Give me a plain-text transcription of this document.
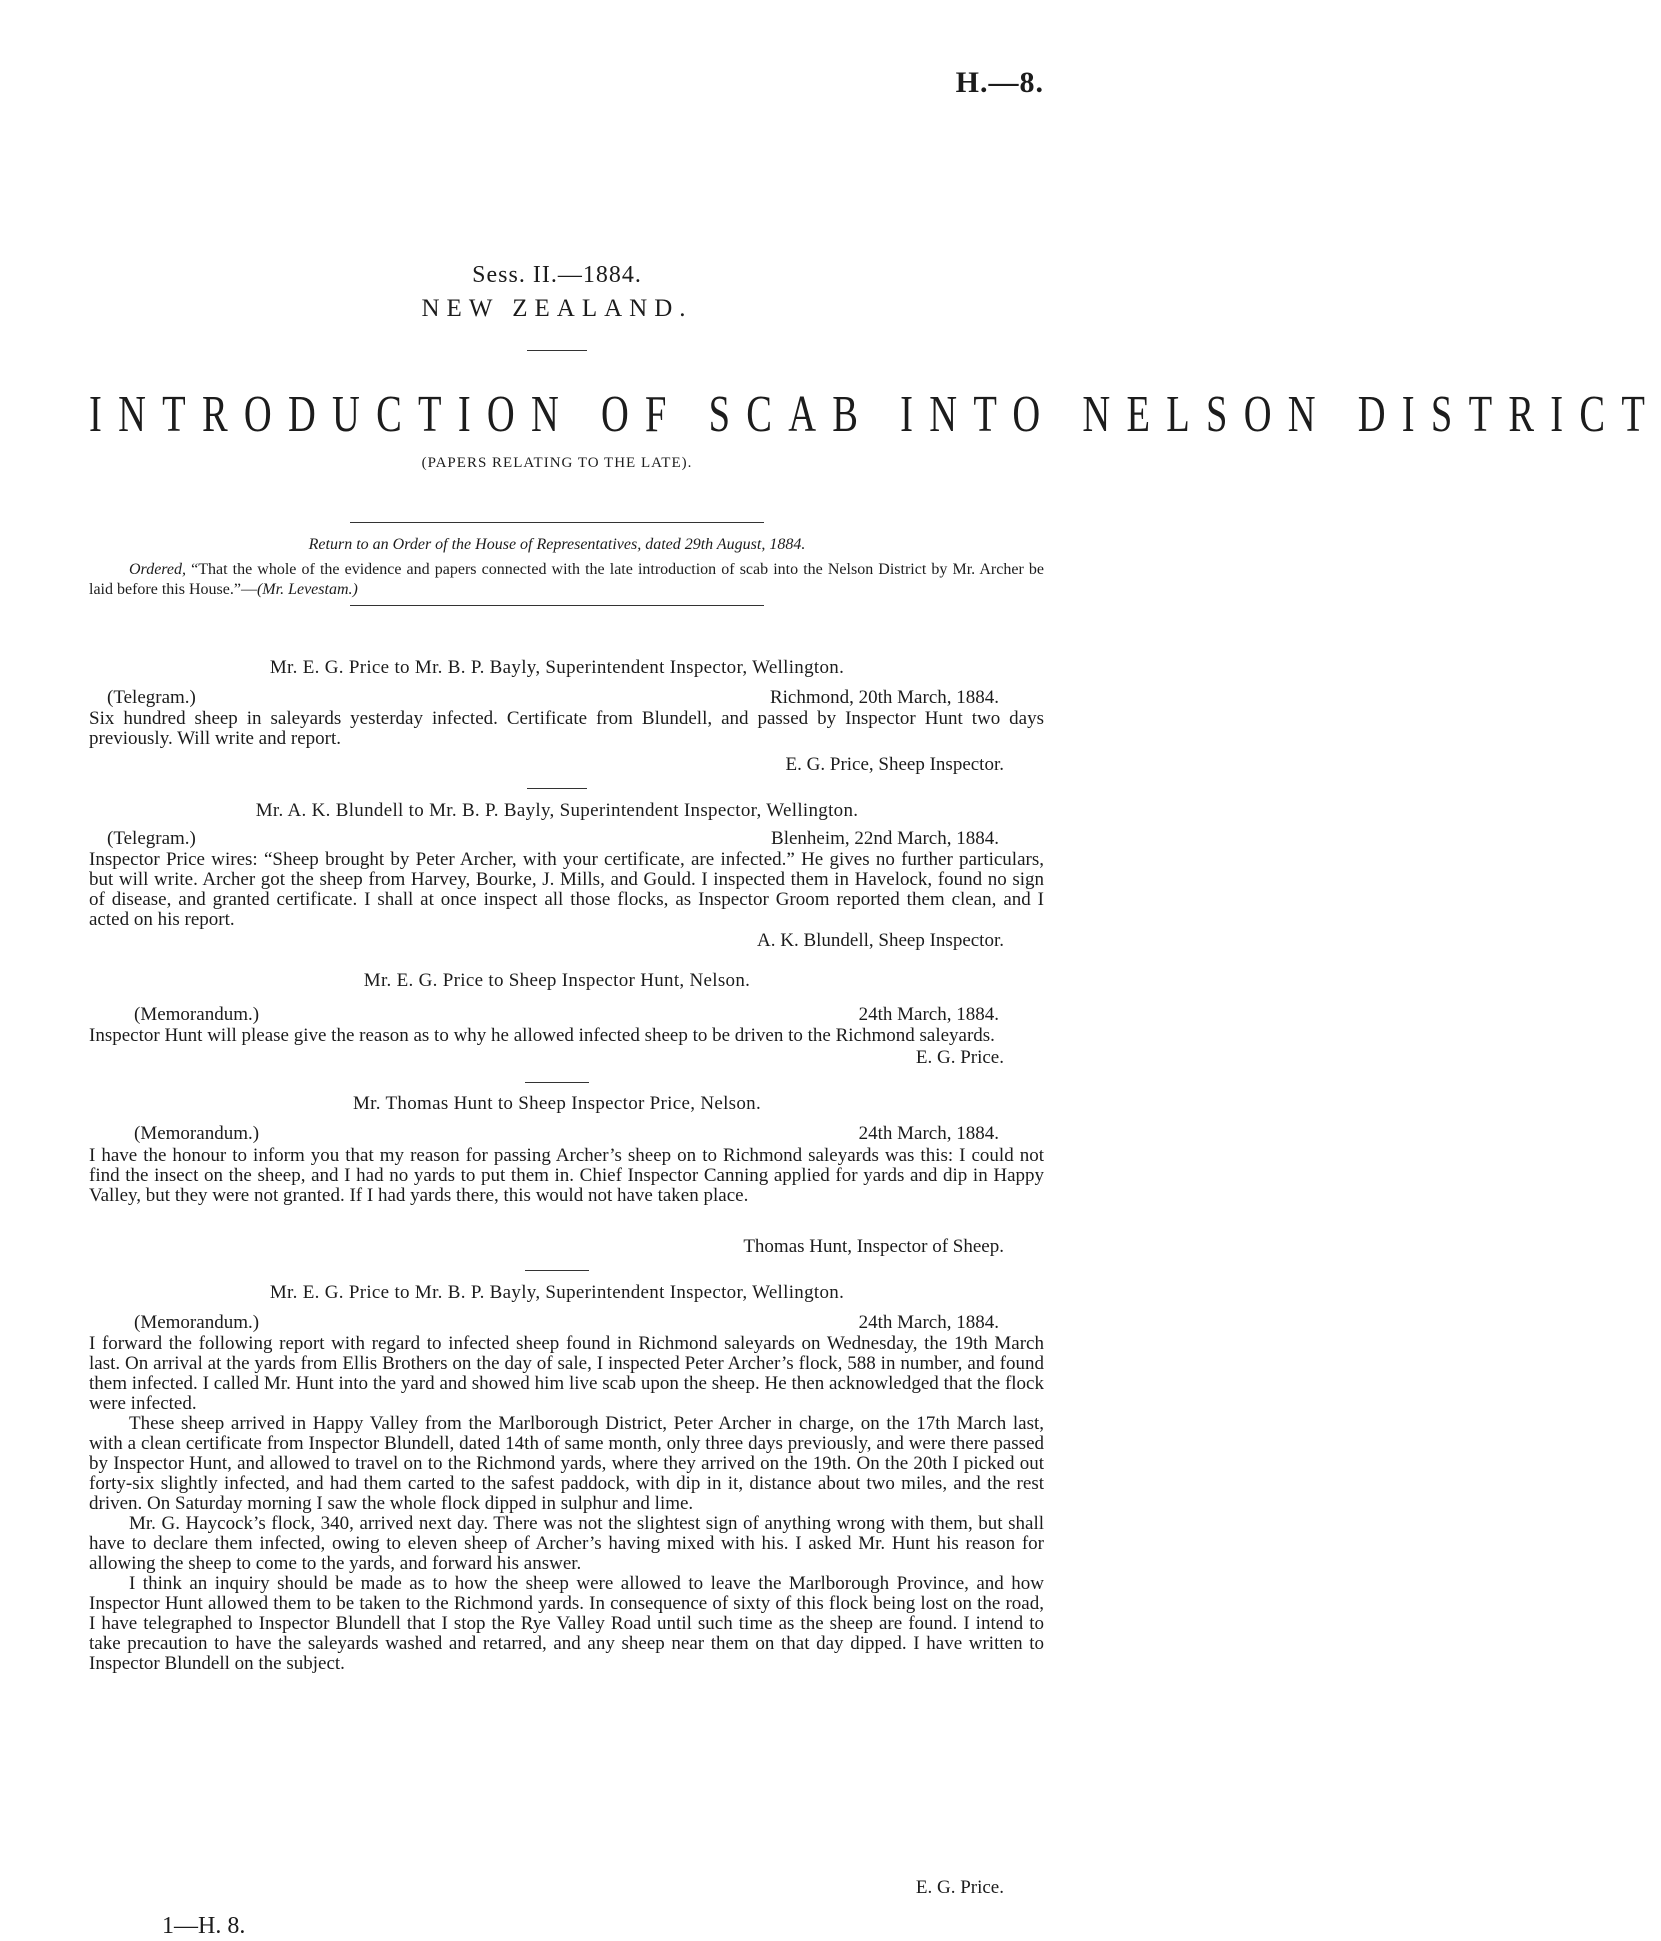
H.—8.
Sess. II.—1884.
NEW ZEALAND.
INTRODUCTION OF SCAB INTO NELSON DISTRICT
(PAPERS RELATING TO THE LATE).
Return to an Order of the House of Representatives, dated 29th August, 1884.
Ordered, “That the whole of the evidence and papers connected with the late introduction of scab into the Nelson District by Mr. Archer be laid before this House.”—(Mr. Levestam.)
Mr. E. G. Price to Mr. B. P. Bayly, Superintendent Inspector, Wellington.
(Telegram.)	Richmond, 20th March, 1884.

Six hundred sheep in saleyards yesterday infected. Certificate from Blundell, and passed by Inspector Hunt two days previously. Will write and report.

E. G. Price, Sheep Inspector.
Mr. A. K. Blundell to Mr. B. P. Bayly, Superintendent Inspector, Wellington.
(Telegram.)	Blenheim, 22nd March, 1884.

Inspector Price wires: “Sheep brought by Peter Archer, with your certificate, are infected.” He gives no further particulars, but will write. Archer got the sheep from Harvey, Bourke, J. Mills, and Gould. I inspected them in Havelock, found no sign of disease, and granted certificate. I shall at once inspect all those flocks, as Inspector Groom reported them clean, and I acted on his report.

A. K. Blundell, Sheep Inspector.
Mr. E. G. Price to Sheep Inspector Hunt, Nelson.
(Memorandum.)	24th March, 1884.

Inspector Hunt will please give the reason as to why he allowed infected sheep to be driven to the Richmond saleyards.

E. G. Price.
Mr. Thomas Hunt to Sheep Inspector Price, Nelson.
(Memorandum.)	24th March, 1884.

I have the honour to inform you that my reason for passing Archer’s sheep on to Richmond saleyards was this: I could not find the insect on the sheep, and I had no yards to put them in. Chief Inspector Canning applied for yards and dip in Happy Valley, but they were not granted. If I had yards there, this would not have taken place.

Thomas Hunt, Inspector of Sheep.
Mr. E. G. Price to Mr. B. P. Bayly, Superintendent Inspector, Wellington.
(Memorandum.)	24th March, 1884.

I forward the following report with regard to infected sheep found in Richmond saleyards on Wednesday, the 19th March last. On arrival at the yards from Ellis Brothers on the day of sale, I inspected Peter Archer’s flock, 588 in number, and found them infected. I called Mr. Hunt into the yard and showed him live scab upon the sheep. He then acknowledged that the flock were infected.

These sheep arrived in Happy Valley from the Marlborough District, Peter Archer in charge, on the 17th March last, with a clean certificate from Inspector Blundell, dated 14th of same month, only three days previously, and were there passed by Inspector Hunt, and allowed to travel on to the Richmond yards, where they arrived on the 19th. On the 20th I picked out forty-six slightly infected, and had them carted to the safest paddock, with dip in it, distance about two miles, and the rest driven. On Saturday morning I saw the whole flock dipped in sulphur and lime.

Mr. G. Haycock’s flock, 340, arrived next day. There was not the slightest sign of anything wrong with them, but shall have to declare them infected, owing to eleven sheep of Archer’s having mixed with his. I asked Mr. Hunt his reason for allowing the sheep to come to the yards, and forward his answer.

I think an inquiry should be made as to how the sheep were allowed to leave the Marlborough Province, and how Inspector Hunt allowed them to be taken to the Richmond yards. In consequence of sixty of this flock being lost on the road, I have telegraphed to Inspector Blundell that I stop the Rye Valley Road until such time as the sheep are found. I intend to take precaution to have the saleyards washed and retarred, and any sheep near them on that day dipped. I have written to Inspector Blundell on the subject.

E. G. Price.
1—H. 8.
